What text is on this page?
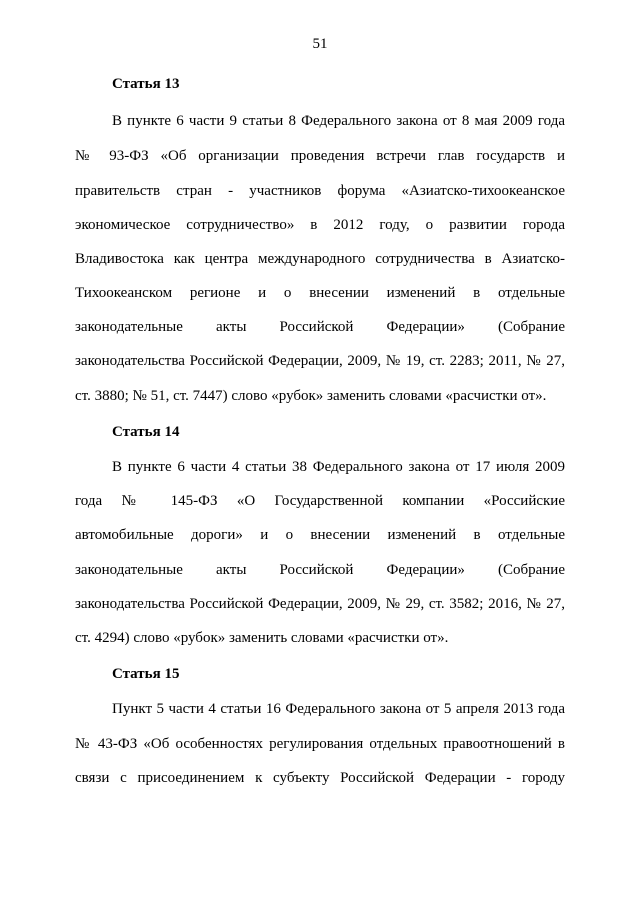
51
Статья 13
В пункте 6 части 9 статьи 8 Федерального закона от 8 мая 2009 года
№ 93-ФЗ «Об организации проведения встречи глав государств и
правительств стран - участников форума «Азиатско-тихоокеанское
экономическое сотрудничество» в 2012 году, о развитии города
Владивостока как центра международного сотрудничества в Азиатско-
Тихоокеанском регионе и о внесении изменений в отдельные
законодательные акты Российской Федерации» (Собрание
законодательства Российской Федерации, 2009, № 19, ст. 2283; 2011, № 27,
ст. 3880; № 51, ст. 7447) слово «рубок» заменить словами «расчистки от».
Статья 14
В пункте 6 части 4 статьи 38 Федерального закона от 17 июля 2009
года № 145-ФЗ «О Государственной компании «Российские
автомобильные дороги» и о внесении изменений в отдельные
законодательные акты Российской Федерации» (Собрание
законодательства Российской Федерации, 2009, № 29, ст. 3582; 2016, № 27,
ст. 4294) слово «рубок» заменить словами «расчистки от».
Статья 15
Пункт 5 части 4 статьи 16 Федерального закона от 5 апреля 2013 года
№ 43-ФЗ «Об особенностях регулирования отдельных правоотношений в
связи с присоединением к субъекту Российской Федерации - городу
